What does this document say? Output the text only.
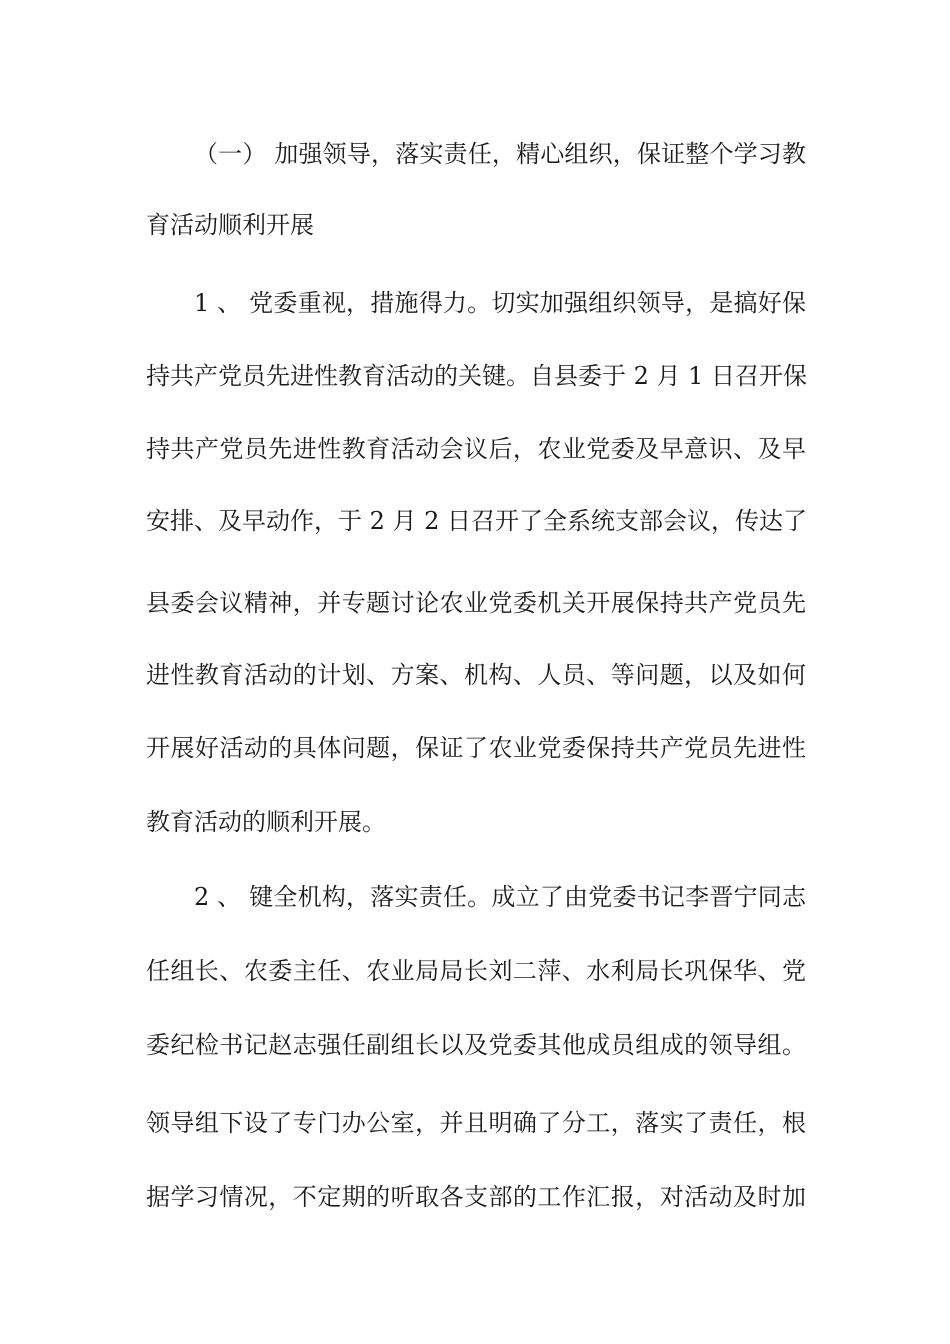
（一） 加强领导，落实责任，精心组织，保证整个学习教
育活动顺利开展
1 、 党委重视，措施得力。切实加强组织领导，是搞好保
持共产党员先进性教育活动的关键。自县委于 2 月 1 日召开保
持共产党员先进性教育活动会议后，农业党委及早意识、及早
安排、及早动作，于 2 月 2 日召开了全系统支部会议，传达了
县委会议精神，并专题讨论农业党委机关开展保持共产党员先
进性教育活动的计划、方案、机构、人员、等问题，以及如何
开展好活动的具体问题，保证了农业党委保持共产党员先进性
教育活动的顺利开展。
2 、 键全机构，落实责任。成立了由党委书记李晋宁同志
任组长、农委主任、农业局局长刘二萍、水利局长巩保华、党
委纪检书记赵志强任副组长以及党委其他成员组成的领导组。
领导组下设了专门办公室，并且明确了分工，落实了责任，根
据学习情况，不定期的听取各支部的工作汇报，对活动及时加
